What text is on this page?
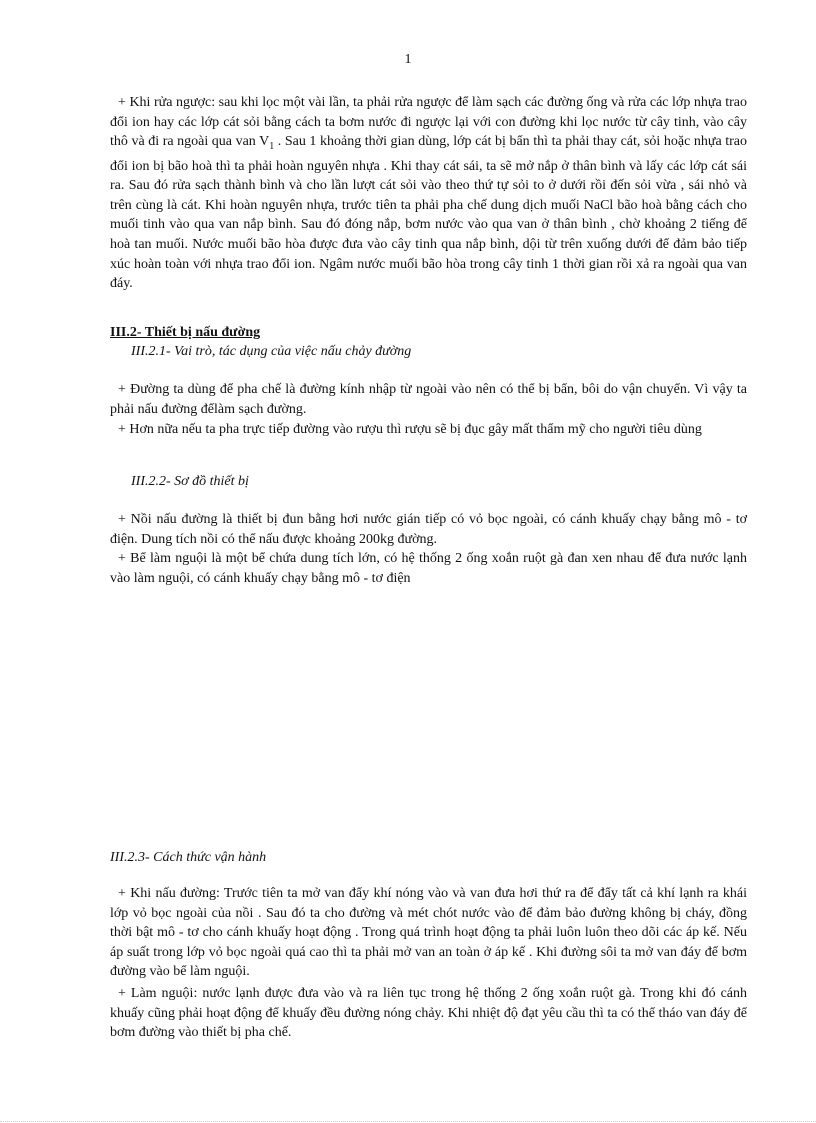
1

+ Khi rửa ngược: sau khi lọc một vài lần, ta phải rửa ngược để làm sạch các đường ống và rửa các lớp nhựa trao đổi ion hay các lớp cát sỏi bằng cách ta bơm nước đi ngược lại với con đường khi lọc nước từ cây tinh, vào cây thô và đi ra ngoài qua van $V_1$ . Sau 1 khoảng thời gian dùng, lớp cát bị bẩn thì ta phải thay cát, sỏi hoặc nhựa trao đổi ion bị bão hoà thì ta phải hoàn nguyên nhựa . Khi thay cát sái, ta sẽ mở nắp ở thân bình và lấy các lớp cát sái ra. Sau đó rửa sạch thành bình và cho lần lượt cát sỏi vào theo thứ tự sỏi to ở dưới rồi đến sỏi vừa , sái nhỏ và trên cùng là cát. Khi hoàn nguyên nhựa, trước tiên ta phải pha chế dung dịch muối NaCl bão hoà bằng cách cho muối tinh vào qua van nắp bình. Sau đó đóng nắp, bơm nước vào qua van ở thân bình , chờ khoảng 2 tiếng để hoà tan muối. Nước muối bão hòa được đưa vào cây tinh qua nắp bình, dội từ trên xuống dưới để đảm bảo tiếp xúc hoàn toàn với nhựa trao đổi ion. Ngâm nước muối bão hòa trong cây tinh 1 thời gian rồi xả ra ngoài qua van đáy.

III.2- Thiết bị nấu đường
III.2.1- Vai trò, tác dụng của việc nấu chảy đường

+ Đường ta dùng để pha chế là đường kính nhập từ ngoài vào nên có thể bị bẩn, bôi do vận chuyển. Vì vậy ta phải nấu đường đểlàm sạch đường.

+ Hơn nữa nếu ta pha trực tiếp đường vào rượu thì rượu sẽ bị đục gây mất thẩm mỹ cho người tiêu dùng

III.2.2- Sơ đồ thiết bị

+ Nồi nấu đường là thiết bị đun bằng hơi nước gián tiếp có vỏ bọc ngoài, có cánh khuấy chạy bằng mô - tơ điện. Dung tích nồi có thể nấu được khoảng 200kg đường.

+ Bể làm nguội là một bể chứa dung tích lớn, có hệ thống 2 ống xoắn ruột gà đan xen nhau để đưa nước lạnh vào làm nguội, có cánh khuấy chạy bằng mô - tơ điện

III.2.3- Cách thức vận hành

+ Khi nấu đường: Trước tiên ta mở van đẩy khí nóng vào và van đưa hơi thứ ra để đẩy tất cả khí lạnh ra khái lớp vỏ bọc ngoài của nồi . Sau đó ta cho đường và mét chót nước vào để đảm bảo đường không bị cháy, đồng thời bật mô - tơ cho cánh khuấy hoạt động . Trong quá trình hoạt động ta phải luôn luôn theo dõi các áp kế. Nếu áp suất trong lớp vỏ bọc ngoài quá cao thì ta phải mở van an toàn ở áp kế . Khi đường sôi ta mở van đáy để bơm đường vào bể làm nguội.

+ Làm nguội: nước lạnh được đưa vào và ra liên tục trong hệ thống 2 ống xoắn ruột gà. Trong khi đó cánh khuấy cũng phải hoạt động để khuấy đều đường nóng chảy. Khi nhiệt độ đạt yêu cầu thì ta có thể tháo van đáy để bơm đường vào thiết bị pha chế.
